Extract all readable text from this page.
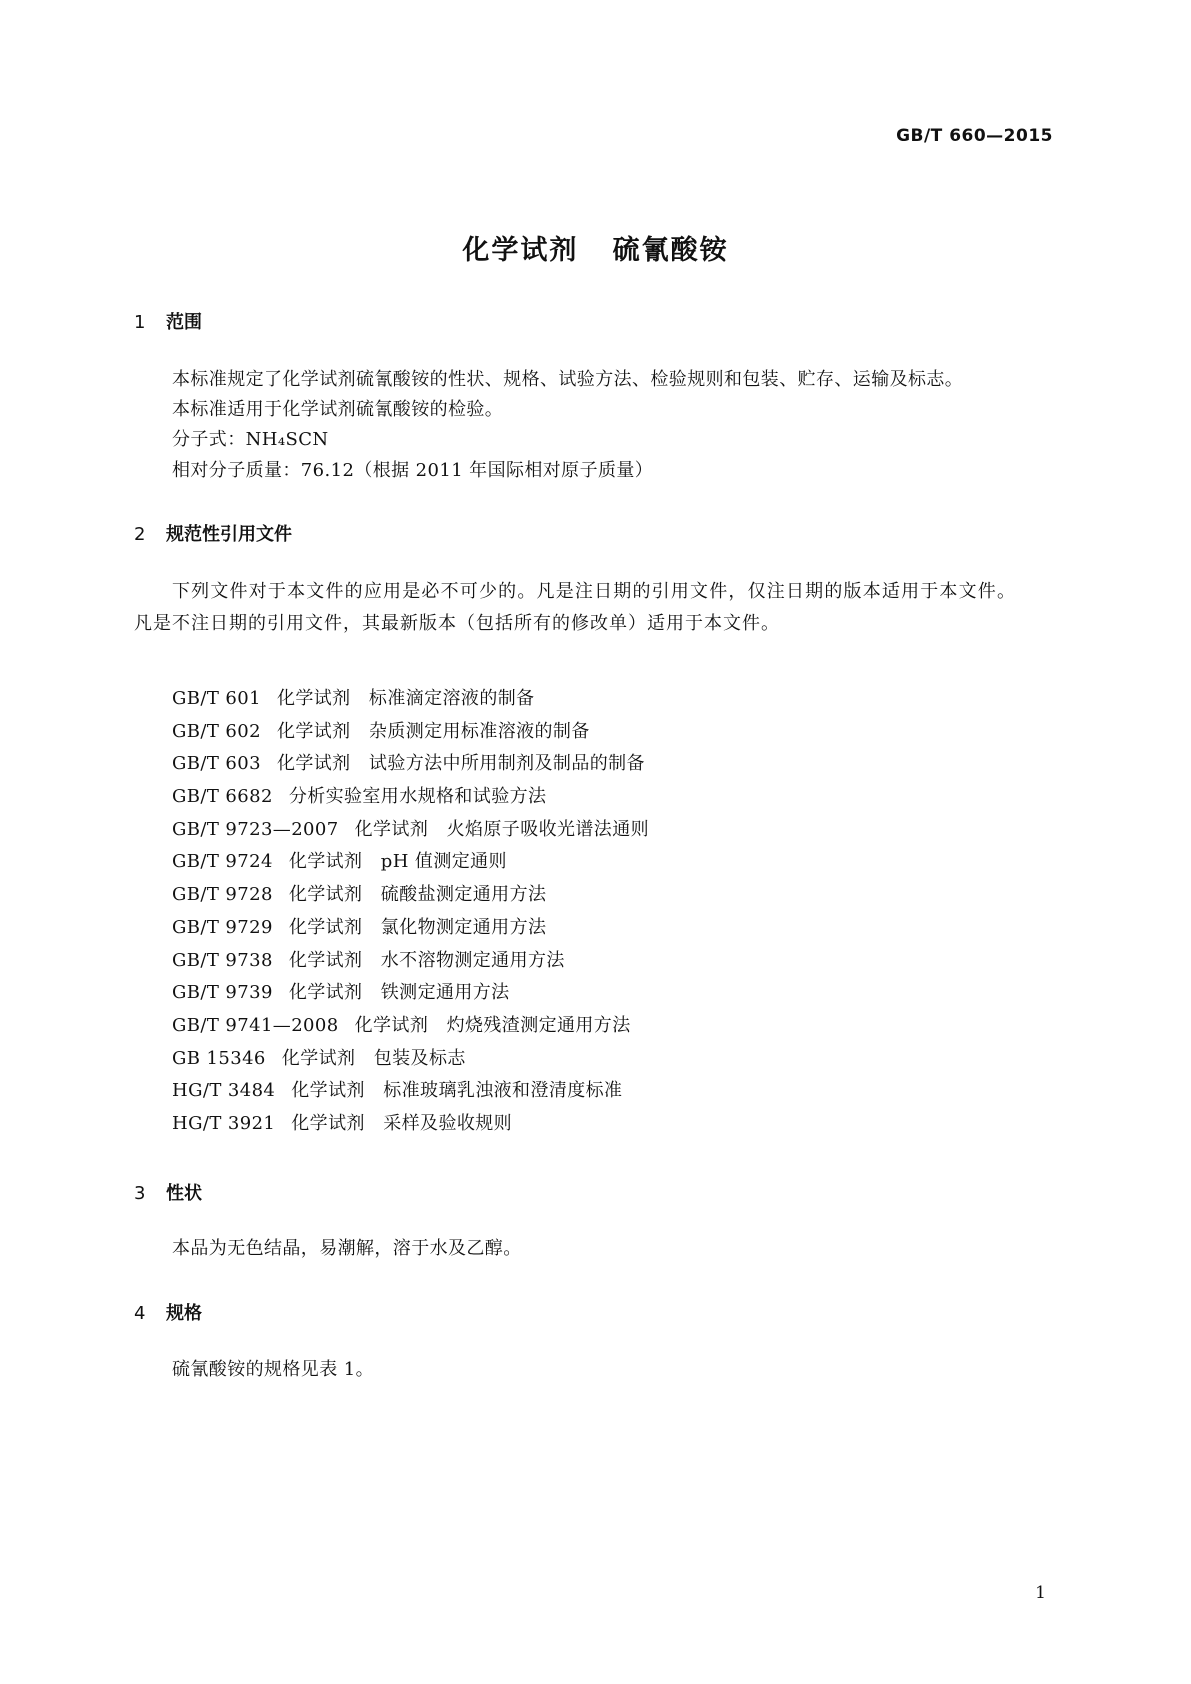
GB/T 660—2015
化学试剂   硫氰酸铵
1 范围
本标准规定了化学试剂硫氰酸铵的性状、规格、试验方法、检验规则和包装、贮存、运输及标志。
本标准适用于化学试剂硫氰酸铵的检验。
分子式：NH₄SCN
相对分子质量：76.12（根据 2011 年国际相对原子质量）
2 规范性引用文件
下列文件对于本文件的应用是必不可少的。凡是注日期的引用文件，仅注日期的版本适用于本文件。凡是不注日期的引用文件，其最新版本（包括所有的修改单）适用于本文件。
GB/T 601 化学试剂   标准滴定溶液的制备
GB/T 602 化学试剂   杂质测定用标准溶液的制备
GB/T 603 化学试剂   试验方法中所用制剂及制品的制备
GB/T 6682 分析实验室用水规格和试验方法
GB/T 9723—2007 化学试剂   火焰原子吸收光谱法通则
GB/T 9724 化学试剂   pH 值测定通则
GB/T 9728 化学试剂   硫酸盐测定通用方法
GB/T 9729 化学试剂   氯化物测定通用方法
GB/T 9738 化学试剂   水不溶物测定通用方法
GB/T 9739 化学试剂   铁测定通用方法
GB/T 9741—2008 化学试剂   灼烧残渣测定通用方法
GB 15346 化学试剂   包装及标志
HG/T 3484 化学试剂   标准玻璃乳浊液和澄清度标准
HG/T 3921 化学试剂   采样及验收规则
3 性状
本品为无色结晶，易潮解，溶于水及乙醇。
4 规格
硫氰酸铵的规格见表 1。
1
